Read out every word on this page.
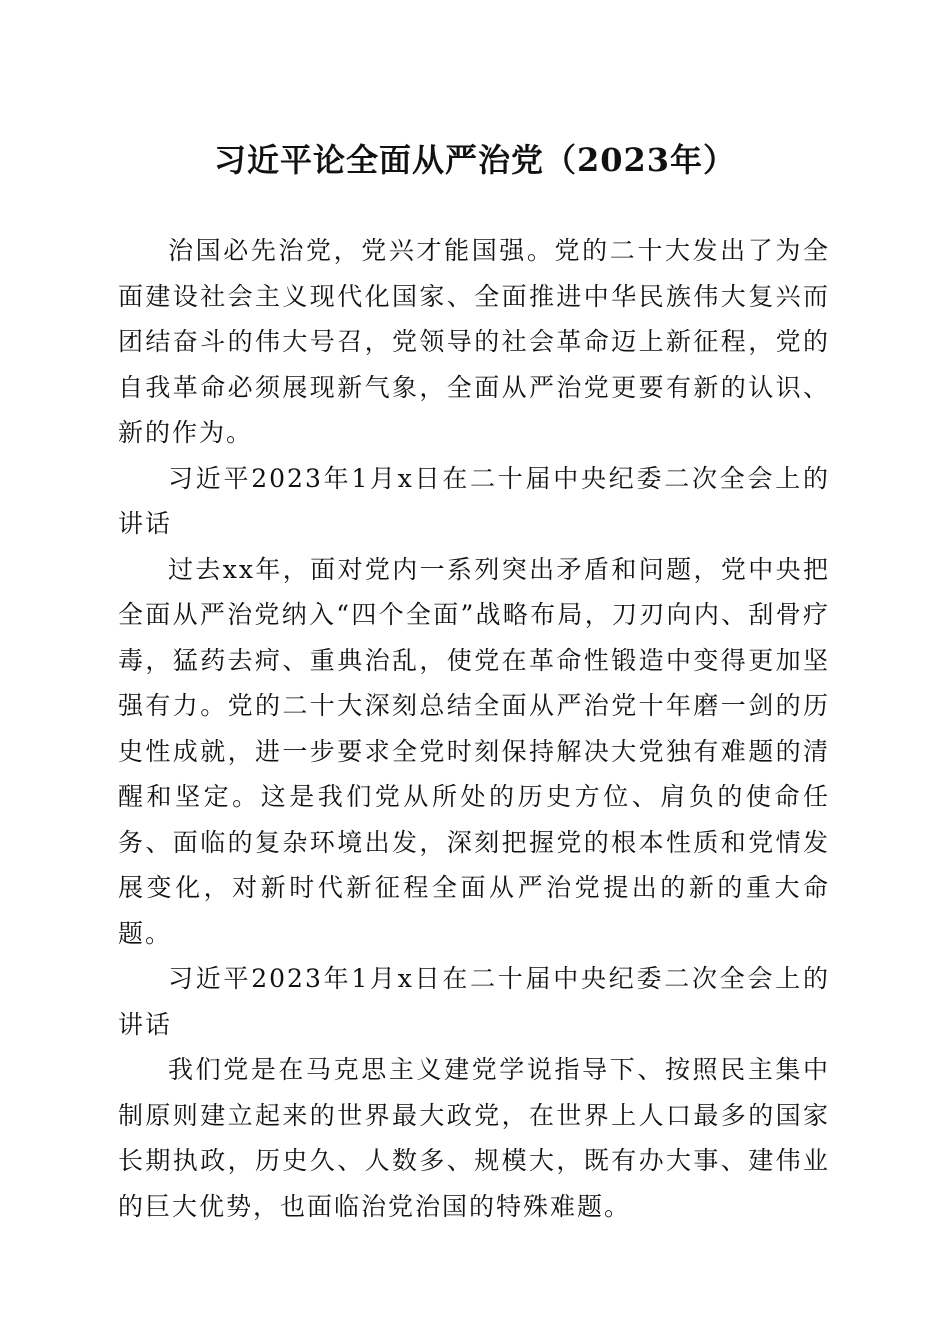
习近平论全面从严治党（2023年）

治国必先治党，党兴才能国强。党的二十大发出了为全面建设社会主义现代化国家、全面推进中华民族伟大复兴而团结奋斗的伟大号召，党领导的社会革命迈上新征程，党的自我革命必须展现新气象，全面从严治党更要有新的认识、新的作为。

习近平2023年1月x日在二十届中央纪委二次全会上的讲话

过去xx年，面对党内一系列突出矛盾和问题，党中央把全面从严治党纳入“四个全面”战略布局，刀刃向内、刮骨疗毒，猛药去疴、重典治乱，使党在革命性锻造中变得更加坚强有力。党的二十大深刻总结全面从严治党十年磨一剑的历史性成就，进一步要求全党时刻保持解决大党独有难题的清醒和坚定。这是我们党从所处的历史方位、肩负的使命任务、面临的复杂环境出发，深刻把握党的根本性质和党情发展变化，对新时代新征程全面从严治党提出的新的重大命题。

习近平2023年1月x日在二十届中央纪委二次全会上的讲话

我们党是在马克思主义建党学说指导下、按照民主集中制原则建立起来的世界最大政党，在世界上人口最多的国家长期执政，历史久、人数多、规模大，既有办大事、建伟业的巨大优势，也面临治党治国的特殊难题。
